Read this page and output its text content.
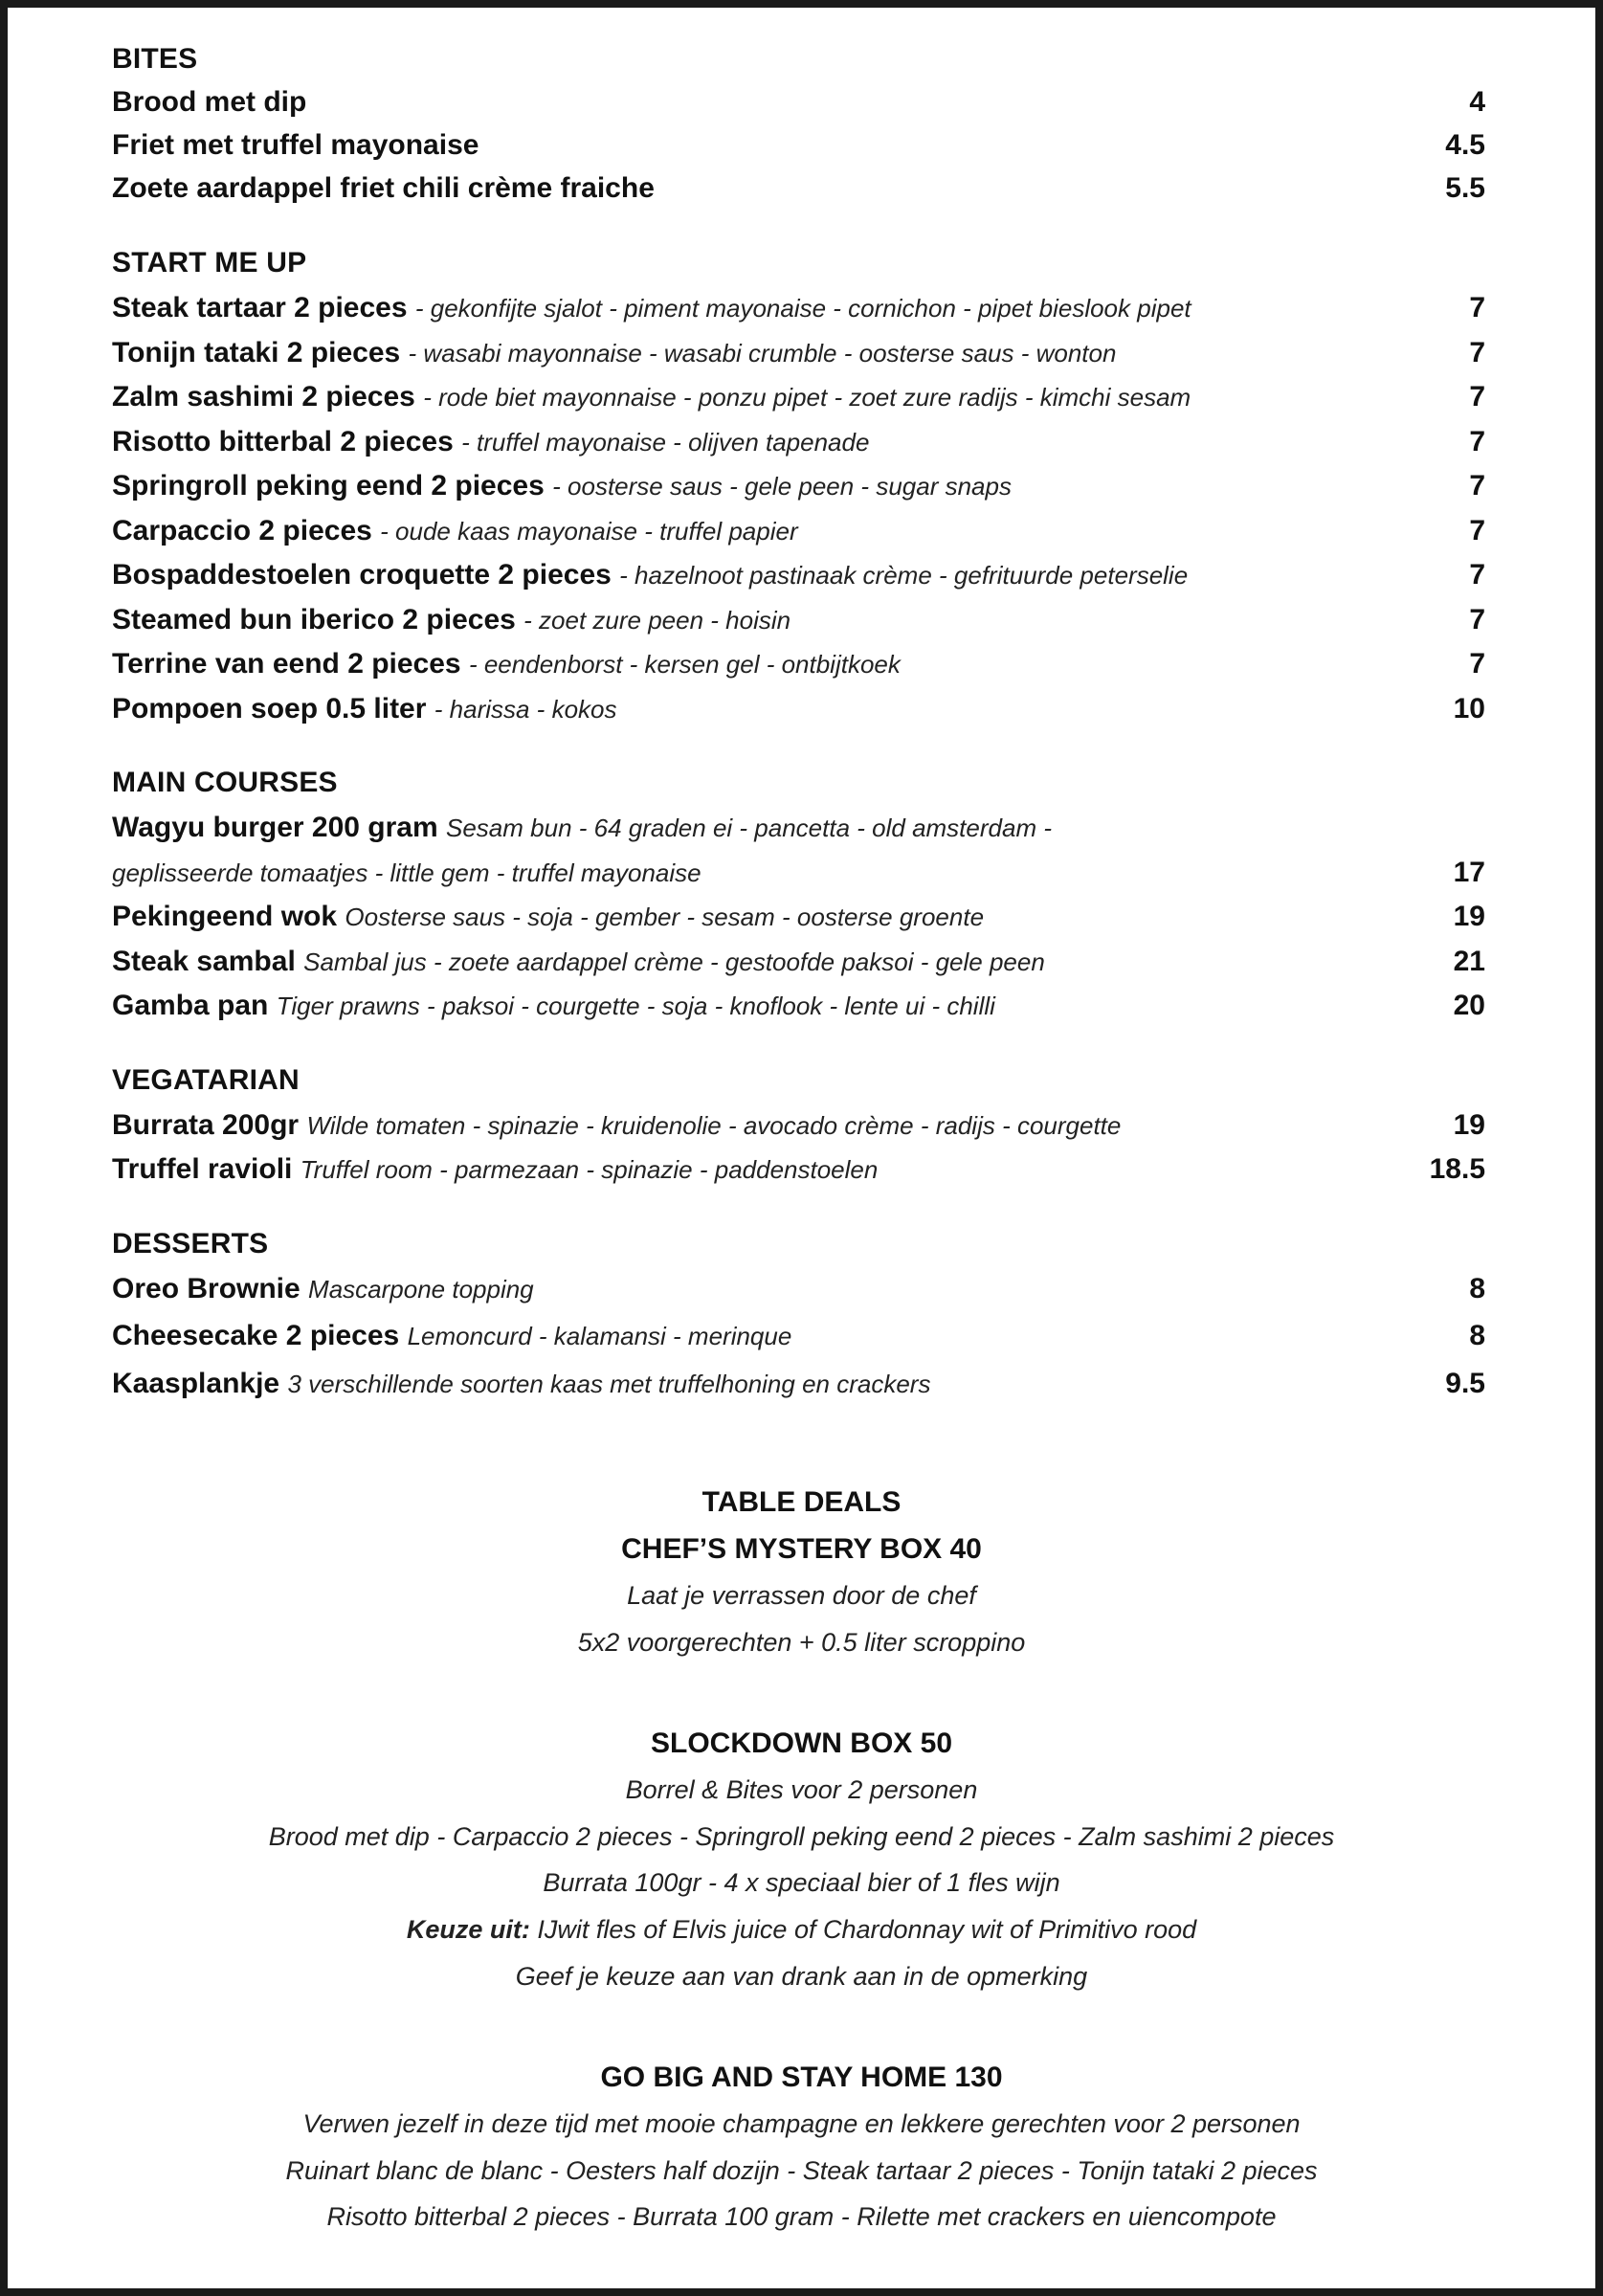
BITES
Brood met dip	4
Friet met truffel mayonaise	4.5
Zoete aardappel friet chili crème fraiche	5.5
START ME UP
Steak tartaar 2 pieces - gekonfijte sjalot - piment mayonaise - cornichon - pipet bieslook pipet	7
Tonijn tataki 2 pieces - wasabi mayonnaise - wasabi crumble - oosterse saus - wonton	7
Zalm sashimi 2 pieces - rode biet mayonnaise - ponzu pipet - zoet zure radijs - kimchi sesam	7
Risotto bitterbal 2 pieces - truffel mayonaise - olijven tapenade	7
Springroll peking eend 2 pieces - oosterse saus - gele peen - sugar snaps	7
Carpaccio 2 pieces - oude kaas mayonaise - truffel papier	7
Bospaddestoelen croquette 2 pieces - hazelnoot pastinaak crème - gefrituurde peterselie	7
Steamed bun iberico 2 pieces - zoet zure peen - hoisin	7
Terrine van eend 2 pieces - eendenborst - kersen gel - ontbijtkoek	7
Pompoen soep 0.5 liter - harissa - kokos	10
MAIN COURSES
Wagyu burger 200 gram Sesam bun - 64 graden ei - pancetta - old amsterdam -
geplisseerde tomaatjes - little gem - truffel mayonaise	17
Pekingeend wok Oosterse saus - soja - gember - sesam - oosterse groente	19
Steak sambal Sambal jus - zoete aardappel crème - gestoofde paksoi - gele peen	21
Gamba pan Tiger prawns - paksoi - courgette - soja - knoflook - lente ui - chilli	20
VEGATARIAN
Burrata 200gr Wilde tomaten - spinazie - kruidenolie - avocado crème - radijs - courgette	19
Truffel ravioli Truffel room - parmezaan - spinazie - paddenstoelen	18.5
DESSERTS
Oreo Brownie Mascarpone topping	8
Cheesecake 2 pieces Lemoncurd - kalamansi - merinque	8
Kaasplankje 3 verschillende soorten kaas met truffelhoning en crackers	9.5
TABLE DEALS
CHEF’S MYSTERY BOX 40
Laat je verrassen door de chef
5x2 voorgerechten + 0.5 liter scroppino
SLOCKDOWN BOX 50
Borrel & Bites voor 2 personen
Brood met dip - Carpaccio 2 pieces - Springroll peking eend 2 pieces - Zalm sashimi 2 pieces
Burrata 100gr - 4 x speciaal bier of 1 fles wijn
Keuze uit: IJwit fles of Elvis juice of Chardonnay wit of Primitivo rood
Geef je keuze aan van drank aan in de opmerking
GO BIG AND STAY HOME 130
Verwen jezelf in deze tijd met mooie champagne en lekkere gerechten voor 2 personen
Ruinart blanc de blanc - Oesters half dozijn - Steak tartaar 2 pieces - Tonijn tataki 2 pieces
Risotto bitterbal 2 pieces - Burrata 100 gram - Rilette met crackers en uiencompote
